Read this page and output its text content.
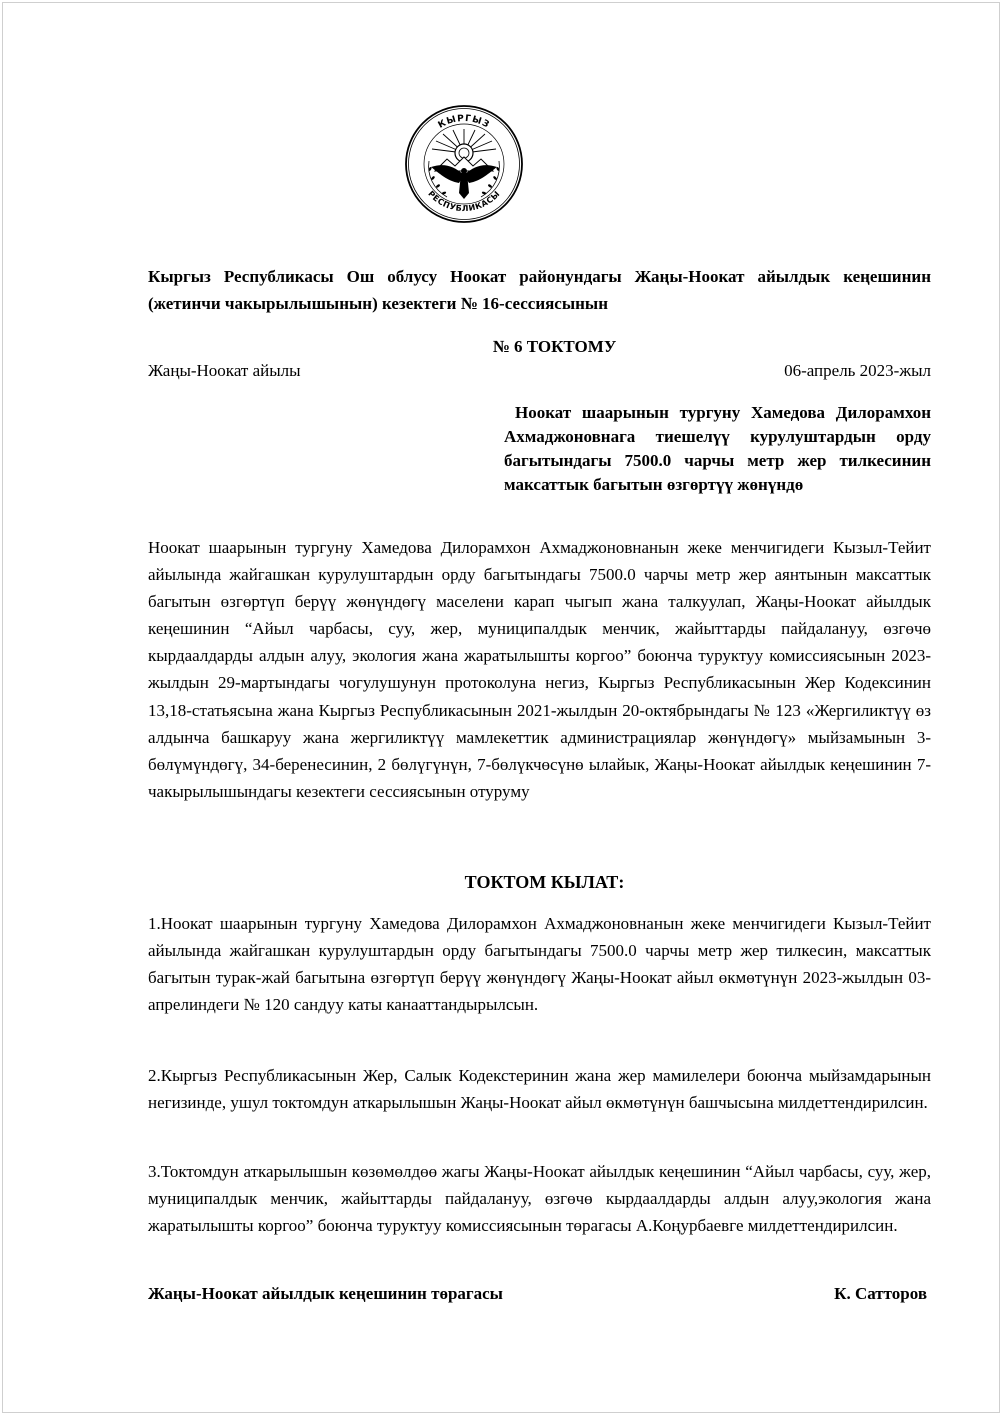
КЫРГЫЗ
РЕСПУБЛИКАСЫ
Кыргыз Республикасы Ош облусу Ноокат районундагы Жаңы-Ноокат айылдык кеңешинин (жетинчи чакырылышынын) кезектеги № 16-сессиясынын
№ 6 ТОКТОМУ
Жаңы-Ноокат айылы	06-апрель 2023-жыл
Ноокат шаарынын тургуну Хамедова Дилорамхон Ахмаджоновнага тиешелүү курулуштардын орду багытындагы 7500.0 чарчы метр жер тилкесинин максаттык багытын өзгөртүү жөнүндө
Ноокат шаарынын тургуну Хамедова Дилорамхон Ахмаджоновнанын жеке менчигидеги Кызыл-Тейит айылында жайгашкан курулуштардын орду багытындагы 7500.0 чарчы метр жер аянтынын максаттык багытын өзгөртүп берүү жөнүндөгү маселени карап чыгып жана талкуулап, Жаңы-Ноокат айылдык кеңешинин “Айыл чарбасы, суу, жер, муниципалдык менчик, жайыттарды пайдалануу, өзгөчө кырдаалдарды алдын алуу, экология жана жаратылышты коргоо” боюнча туруктуу комиссиясынын 2023-жылдын 29-мартындагы чогулушунун протоколуна негиз, Кыргыз Республикасынын Жер Кодексинин 13,18-статьясына жана Кыргыз Республикасынын 2021-жылдын 20-октябрындагы № 123 «Жергиликтүү өз алдынча башкаруу жана жергиликтүү мамлекеттик администрациялар жөнүндөгү» мыйзамынын 3-бөлүмүндөгү, 34-беренесинин, 2 бөлүгүнүн, 7-бөлүкчөсүнө ылайык, Жаңы-Ноокат айылдык кеңешинин 7-чакырылышындагы кезектеги сессиясынын отуруму
ТОКТОМ КЫЛАТ:
1.Ноокат шаарынын тургуну Хамедова Дилорамхон Ахмаджоновнанын жеке менчигидеги Кызыл-Тейит айылында жайгашкан курулуштардын орду багытындагы 7500.0 чарчы метр жер тилкесин, максаттык багытын турак-жай багытына өзгөртүп берүү жөнүндөгү Жаңы-Ноокат айыл өкмөтүнүн 2023-жылдын 03-апрелиндеги № 120 сандуу каты канааттандырылсын.
2.Кыргыз Республикасынын Жер, Салык Кодекстеринин жана жер мамилелери боюнча мыйзамдарынын негизинде, ушул токтомдун аткарылышын Жаңы-Ноокат айыл өкмөтүнүн башчысына милдеттендирилсин.
3.Токтомдун аткарылышын көзөмөлдөө жагы Жаңы-Ноокат айылдык кеңешинин “Айыл чарбасы, суу, жер, муниципалдык менчик, жайыттарды пайдалануу, өзгөчө кырдаалдарды алдын алуу,экология жана жаратылышты коргоо” боюнча туруктуу комиссиясынын төрагасы А.Коңурбаевге милдеттендирилсин.
Жаңы-Ноокат айылдык кеңешинин төрагасы	К. Сатторов
